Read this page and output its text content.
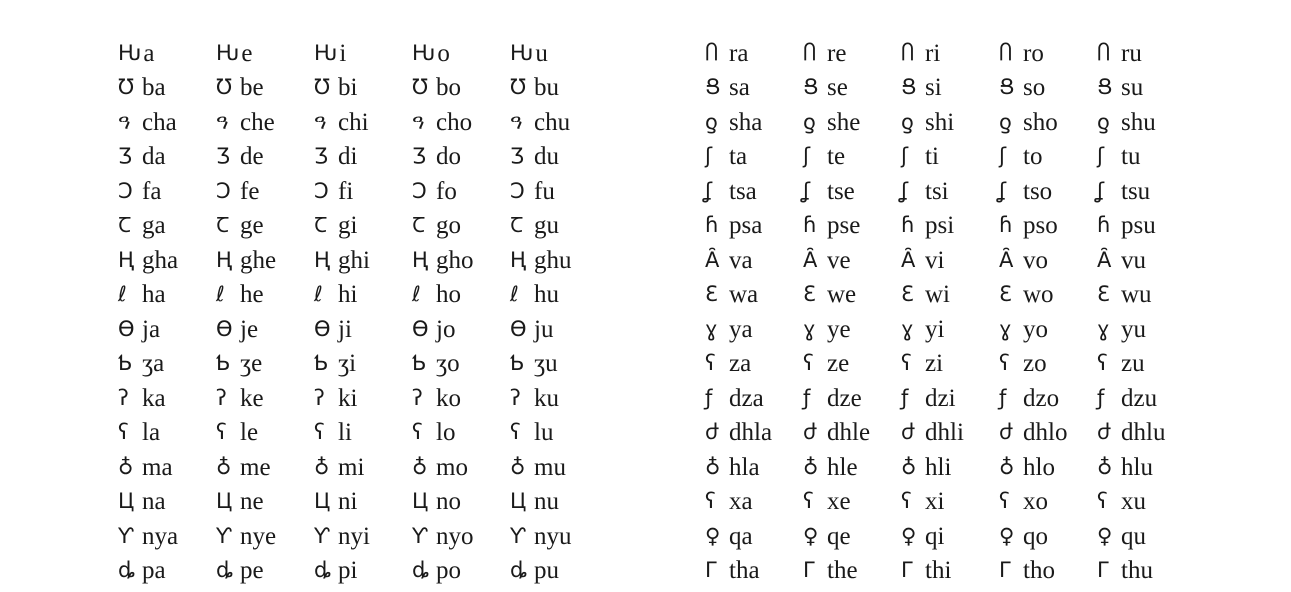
Ƕ a	Ƕ e	Ƕ i	Ƕ o	Ƕ u
Ʊ ba Ʊ be Ʊ bi	Ʊ bo Ʊ bu
ዓ cha ዓ che ዓ chi ዓ cho ዓ chu
Ʒ da Ʒ de Ʒ di	Ʒ do Ʒ du
Ɔ fa	Ɔ fe	Ɔ fi	Ɔ fo	Ɔ fu
Ꞇ ga Ꞇ ge Ꞇ gi	Ꞇ go Ꞇ gu
Ⱨ gha Ⱨ ghe Ⱨ ghi Ⱨ gho Ⱨ ghu
ℓ ha ℓ he ℓ hi	ℓ ho ℓ hu
Ɵ ja	Ɵ je	Ɵ ji	Ɵ jo	Ɵ ju
Ƅ ʒa Ƅ ʒe Ƅ ʒi	Ƅ ʒo Ƅ ʒu
ʔ ka ʔ ke ʔ ki	ʔ ko ʔ ku
ʕ la	ʕ le	ʕ li	ʕ lo	ʕ lu
♁ ma ♁ me ♁ mi ♁ mo ♁ mu
Ц na Ц ne Ц ni	Ц no Ц nu
Ƴ nya Ƴ nye Ƴ nyi Ƴ nyo Ƴ nyu
ȡ pa ȡ pe ȡ pi	ȡ po ȡ pu
Ⴖ ra	Ⴖ re	Ⴖ ri	Ⴖ ro	Ⴖ ru
Ց sa	Ց se	Ց si	Ց so Ց su
ƍ sha ƍ she ƍ shi ƍ sho ƍ shu
ʃ ta	ʃ te	ʃ ti	ʃ to	ʃ tu
ʆ tsa ʆ tse ʆ tsi ʆ tso ʆ tsu
ɦ psa ɦ pse ɦ psi ɦ pso ɦ psu
Ȃ va Ȃ ve Ȃ vi	Ȃ vo Ȃ vu
Ɛ wa Ɛ we Ɛ wi Ɛ wo Ɛ wu
ɣ ya ɣ ye ɣ yi	ɣ yo ɣ yu
ʕ za ʕ ze ʕ zi	ʕ zo ʕ zu
ƒ dza ƒ dze ƒ dzi ƒ dzo ƒ dzu
ժ dhla ժ dhle ժ dhli ժ dhlo ժ dhlu
♁ hla ♁ hle ♁ hli ♁ hlo ♁ hlu
ʕ xa ʕ xe ʕ xi	ʕ xo ʕ xu
♀ qa ♀ qe ♀ qi	♀ qo ♀ qu
Γ tha Γ the Γ thi Γ tho Γ thu
